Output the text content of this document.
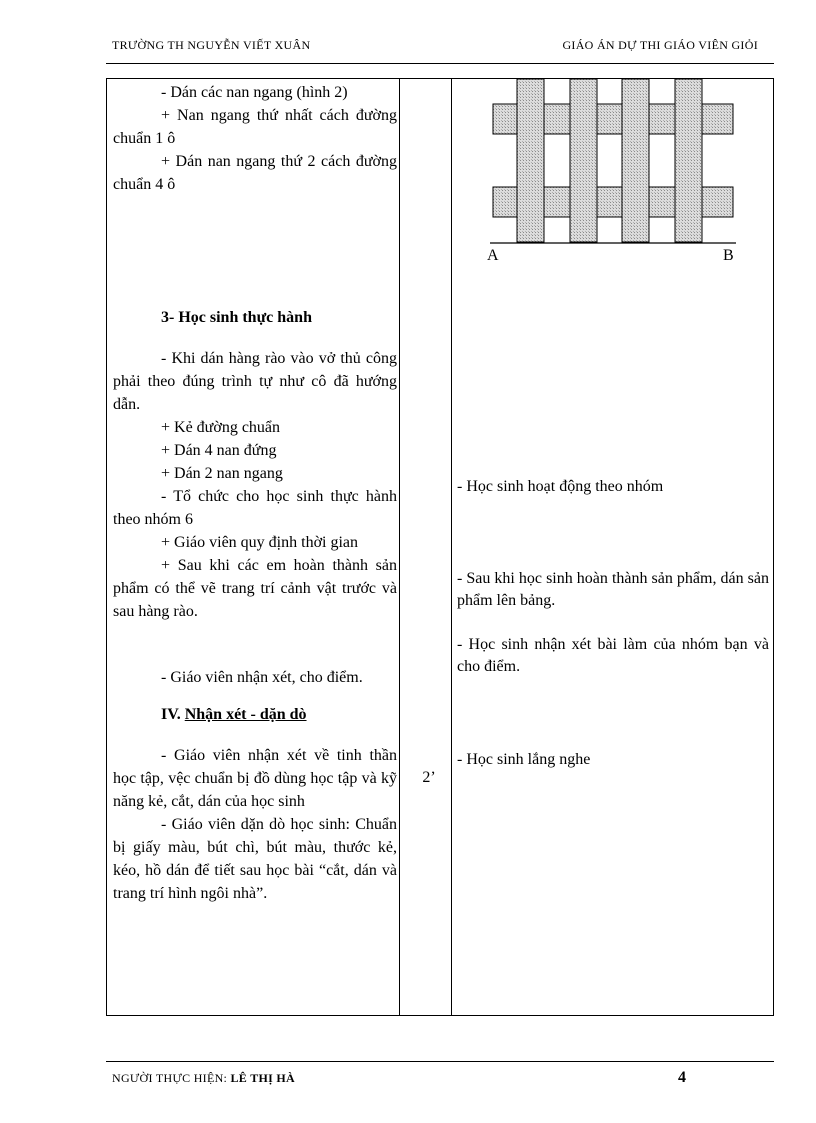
TRƯỜNG TH NGUYỄN VIẾT XUÂN	GIÁO ÁN DỰ THI GIÁO VIÊN GIỎI

- Dán các nan ngang (hình 2)

+ Nan ngang thứ nhất cách đường chuẩn 1 ô

+ Dán nan ngang thứ 2 cách đường chuẩn 4 ô

3- Học sinh thực hành

- Khi dán hàng rào vào vở thủ công phải theo đúng trình tự như cô đã hướng dẫn.

+ Kẻ đường chuẩn

+ Dán 4 nan đứng

+ Dán 2 nan ngang

- Tổ chức cho học sinh thực hành theo nhóm 6

+ Giáo viên quy định thời gian

+ Sau khi các em hoàn thành sản phẩm có thể vẽ trang trí cảnh vật trước và sau hàng rào.

- Giáo viên nhận xét, cho điểm.

IV. Nhận xét - dặn dò

- Giáo viên nhận xét về tinh thần học tập, vệc chuẩn bị đồ dùng học tập và kỹ năng kẻ, cắt, dán của học sinh

- Giáo viên dặn dò học sinh: Chuẩn bị giấy màu, bút chì, bút màu, thước kẻ, kéo, hồ dán để tiết sau học bài “cắt, dán và trang trí hình ngôi nhà”.

2’
A	B

- Học sinh hoạt động theo nhóm

- Sau khi học sinh hoàn thành sản phẩm, dán sản phẩm lên bảng.

- Học sinh nhận xét bài làm của nhóm bạn và cho điểm.

- Học sinh lắng nghe

NGƯỜI THỰC HIỆN: LÊ THỊ HÀ	4
